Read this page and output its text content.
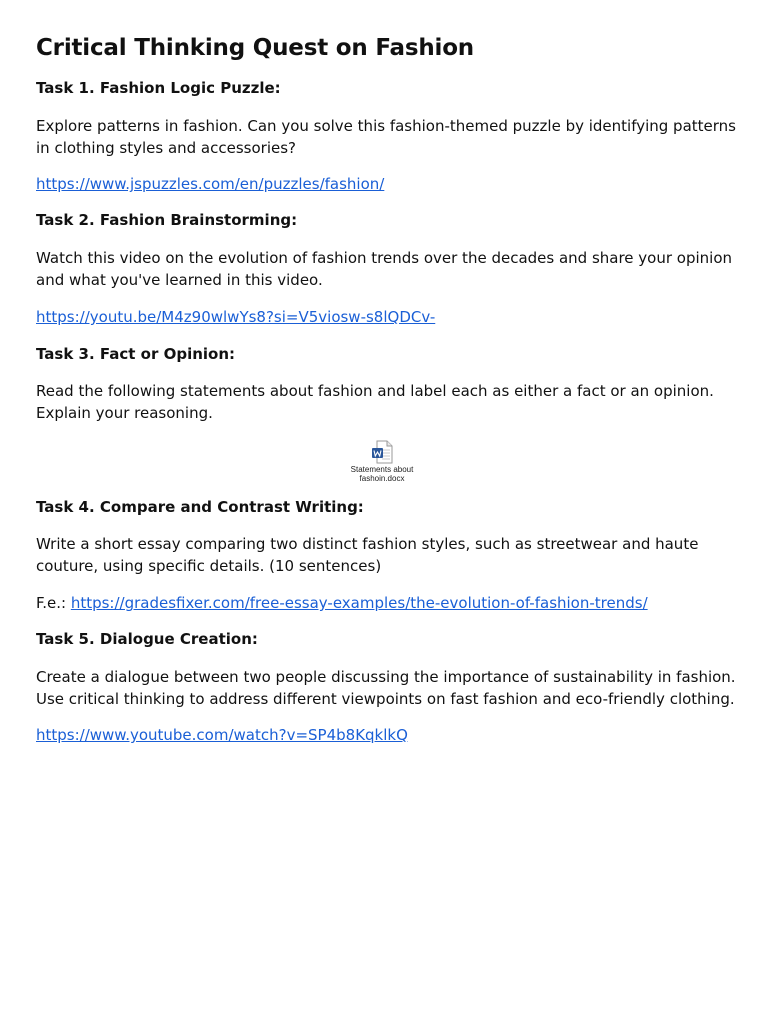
Critical Thinking Quest on Fashion
Task 1. Fashion Logic Puzzle:
Explore patterns in fashion. Can you solve this fashion-themed puzzle by identifying patterns in clothing styles and accessories?
https://www.jspuzzles.com/en/puzzles/fashion/
Task 2. Fashion Brainstorming:
Watch this video on the evolution of fashion trends over the decades and share your opinion and what you've learned in this video.
https://youtu.be/M4z90wlwYs8?si=V5viosw-s8lQDCv-
Task 3. Fact or Opinion:
Read the following statements about fashion and label each as either a fact or an opinion. Explain your reasoning.
Statements about
fashoin.docx
Task 4. Compare and Contrast Writing:
Write a short essay comparing two distinct fashion styles, such as streetwear and haute couture, using specific details. (10 sentences)
F.e.: https://gradesfixer.com/free-essay-examples/the-evolution-of-fashion-trends/
Task 5. Dialogue Creation:
Create a dialogue between two people discussing the importance of sustainability in fashion. Use critical thinking to address different viewpoints on fast fashion and eco-friendly clothing.
https://www.youtube.com/watch?v=SP4b8KqklkQ
